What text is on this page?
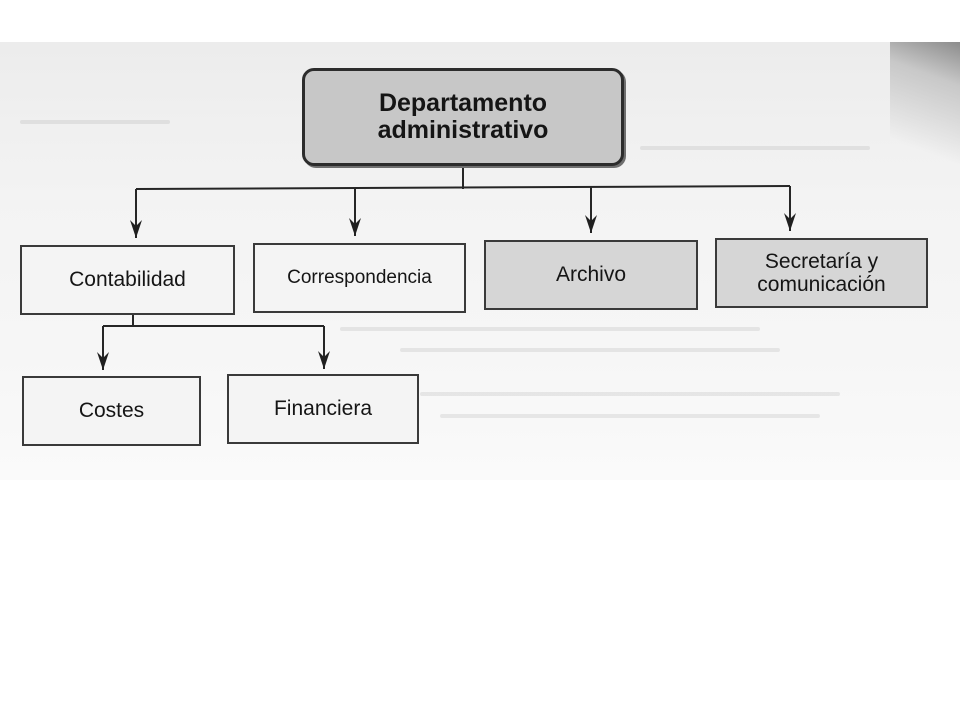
Departamento
administrativo
Contabilidad	Correspondencia	Archivo
Secretaría y
comunicación
Costes	Financiera
